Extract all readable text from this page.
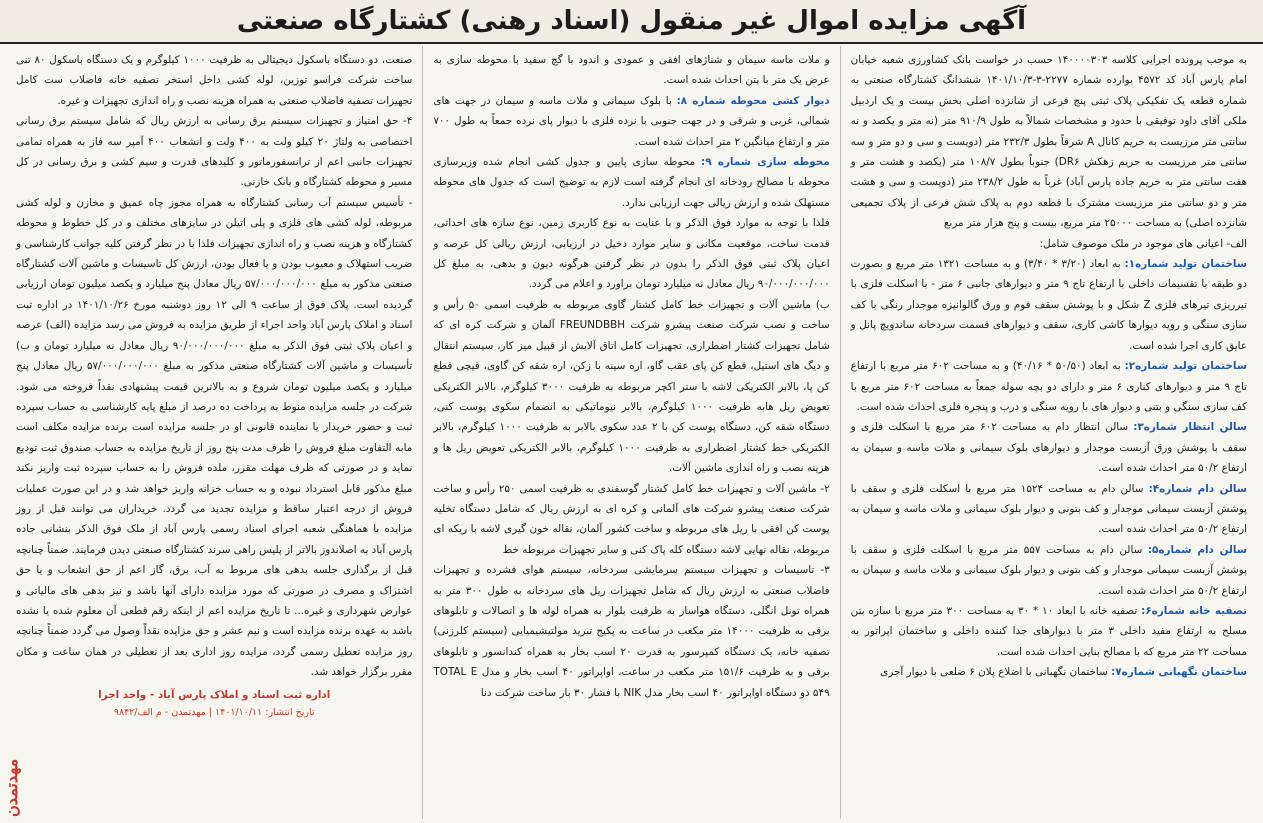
آگهی مزایده اموال غیر منقول (اسناد رهنی) کشتارگاه صنعتی

به موجب پرونده اجرایی کلاسه ۱۴۰۰۰۰۳۰۳ حسب در خواست بانک کشاورزی شعبه خیابان امام پارس آباد کد ۴۵۷۲ بوارده شماره ۲۲۷۷-۳-۱۴۰۱/۱۰/۳ ششدانگ کشتارگاه صنعتی به شماره قطعه یک تفکیکی پلاک ثبتی پنج فرعی از شانزده اصلی بخش بیست و یک اردبیل ملکی آقای داود توفیقی با حدود و مشخصات شمالاً به طول ۹۱۰/۹ متر (نه متر و یکصد و نه سانتی متر مرزیست به حریم کانال A شرقاً بطول ۲۳۲/۳ متر (دویست و سی و دو متر و سه سانتی متر مرزیست به حریم زهکش DR۶) جنوباً بطول ۱۰۸/۷ متر (یکصد و هشت متر و هفت سانتی متر به حریم جاده پارس آباد) غرباً به طول ۲۳۸/۲ متر (دویست و سی و هشت متر و دو سانتی متر مرزیست مشترک با قطعه دوم به پلاک شش فرعی از پلاک تجمیعی شانزده اصلی) به مساحت ۲۵۰۰۰ متر مربع، بیست و پنج هزار متر مربع

الف- اعیانی های موجود در ملک موصوف شامل:

ساختمان تولید شماره۱: به ابعاد (۳/۲۰ * ۳/۴۰) و به مساحت ۱۳۲۱ متر مربع و بصورت دو طبقه با تقسیمات داخلی با ارتفاع تاج ۹ متر و دیوارهای جانبی ۶ متر - با اسکلت فلزی با تیرریزی تیرهای فلزی Z شکل و با پوشش سقف فوم و ورق گالوانیزه موجدار رنگی با کف سازی سنگی و رویه دیوارها کاشی کاری، سقف و دیوارهای قسمت سردخانه ساندویچ پانل و عایق کاری اجرا شده است.

ساختمان تولید شماره۲: به ابعاد (۵۰/۵۰ * ۴۰/۱۶) و به مساحت ۶۰۲ متر مربع با ارتفاع تاج ۹ متر و دیوارهای کناری ۶ متر و دارای دو بچه سوله جمعاً به مساحت ۶۰۲ متر مربع با کف سازی سنگی و بتنی و دیوار های با رویه سنگی و درب و پنجره فلزی احداث شده است.

سالن انتظار شماره۳: سالن انتظار دام به مساحت ۶۰۲ متر مربع با اسکلت فلزی و سقف با پوشش ورق آزبست موجدار و دیوارهای بلوک سیمانی و ملات ماسه و سیمان به ارتفاع ۵۰/۲ متر احداث شده است.

سالن دام شماره۴: سالن دام به مساحت ۱۵۲۴ متر مربع با اسکلت فلزی و سقف با پوشش آزبست سیمانی موجدار و کف بتونی و دیوار بلوک سیمانی و ملات ماسه و سیمان به ارتفاع ۵۰/۲ متر احداث شده است.

سالن دام شماره۵: سالن دام به مساحت ۵۵۷ متر مربع با اسکلت فلزی و سقف با پوشش آزبست سیمانی موجدار و کف بتونی و دیوار بلوک سیمانی و ملات ماسه و سیمان به ارتفاع ۵۰/۲ متر احداث شده است.

تصفیه خانه شماره۶: تصفیه خانه با ابعاد ۱۰ * ۳۰ به مساحت ۳۰۰ متر مربع با سازه بتن مسلح به ارتفاع مفید داخلی ۳ متر با دیوارهای جدا کننده داخلی و ساختمان اپراتور به مساحت ۲۲ متر مربع که با مصالح بنایی احداث شده است.

ساختمان نگهبانی شماره۷: ساختمان نگهبانی با اضلاع پلان ۶ ضلعی با دیوار آجری

و ملات ماسه سیمان و شناژهای افقی و عمودی و اندود با گچ سفید با محوطه سازی به عرض یک متر با بتن احداث شده است.

دیوار کشی محوطه شماره ۸: با بلوک سیمانی و ملات ماسه و سیمان در جهت های شمالی، غربی و شرقی و در جهت جنوبی با نرده فلزی با دیوار پای نرده جمعاً به طول ۷۰۰ متر و ارتفاع میانگین ۲ متر احداث شده است.

محوطه سازی شماره ۹: محوطه سازی پایین و جدول کشی انجام شده وزیرسازی محوطه با مصالح رودخانه ای انجام گرفته است لازم به توضیح است که جدول های محوطه مستهلک شده و ارزش ریالی جهت ارزیابی ندارد.

فلذا با توجه به موارد فوق الذکر و با عنایت به نوع کاربری زمین، نوع سازه های احداثی، قدمت ساخت، موقعیت مکانی و سایر موارد دخیل در ارزیابی، ارزش ریالی کل عرصه و اعیان پلاک ثبتی فوق الذکر را بدون در نظر گرفتن هرگونه دیون و بدهی، به مبلغ کل ۹۰/۰۰۰/۰۰۰/۰۰۰ ریال معادل نه میلیارد تومان براورد و اعلام می گردد.

ب) ماشین آلات و تجهیزات خط کامل کشتار گاوی مربوطه به ظرفیت اسمی ۵۰ رأس و ساخت و نصب شرکت صنعت پیشرو شرکت FREUNDBBH آلمان و شرکت کره ای که شامل تجهیزات کشتار اضطراری، تجهیزات کامل اتاق آلایش از قبیل میز کار، سیستم انتقال و دیگ های استیل، قطع کن پای عقب گاو، اره سینه با زکن، اره شقه کن گاوی، قیچی قطع کن پا، بالابر الکتریکی لاشه با ستر اکچر مربوطه به ظرفیت ۳۰۰۰ کیلوگرم، بالابر الکتریکی تعویض ریل هابه ظرفیت ۱۰۰۰ کیلوگرم، بالابر نیوماتیکی به انضمام سکوی پوست کنی، دستگاه شقه کن، دستگاه پوست کن با ۲ عدد سکوی بالابر به ظرفیت ۱۰۰۰ کیلوگرم، بالابر الکتریکی خط کشتار اضطراری به ظرفیت ۱۰۰۰ کیلوگرم، بالابر الکتریکی تعویض ریل ها و هزینه نصب و راه اندازی ماشین آلات.

۲- ماشین آلات و تجهیزات خط کامل کشتار گوسفندی به ظرفیت اسمی ۲۵۰ رأس و ساخت شرکت صنعت پیشرو شرکت های آلمانی و کره ای به ارزش ریال که شامل دستگاه تخلیه پوست کن افقی با ریل های مربوطه و ساخت کشور آلمان، نقاله خون گیری لاشه با ریکه ای مربوطه، نقاله نهایی لاشه دستگاه کله پاک کنی و سایر تجهیزات مربوطه خط

۳- تاسیسات و تجهیزات سیستم سرمایشی سردخانه، سیستم هوای فشرده و تجهیزات فاضلاب صنعتی به ارزش ریال که شامل تجهیزات ریل های سردخانه به طول ۳۰۰ متر به همراه تونل انگلی، دستگاه هواساز به ظرفیت بلوار به همراه لوله ها و اتصالات و تابلوهای برقی به ظرفیت ۱۴۰۰۰ متر مکعب در ساعت به پکیج تبرید مولتیشیمیایی (سیستم کلرزنی) تصفیه خانه، یک دستگاه کمپرسور به قدرت ۲۰ اسب بخار به همراه کندانسور و تابلوهای برقی و به ظرفیت ۱۵۱/۶ متر مکعب در ساعت، اواپراتور ۴۰ اسب بخار و مدل TOTAL E ۵۴۹ دو دستگاه اواپراتور ۴۰ اسب بخار مدل NIK با فشار ۳۰ بار ساخت شرکت دنا

صنعت، دو دستگاه باسکول دیجیتالی به ظرفیت ۱۰۰۰ کیلوگرم و یک دستگاه باسکول ۸۰ تنی ساخت شرکت فراسو توزین، لوله کشی داخل استخر تصفیه خانه فاضلاب ست کامل تجهیزات تصفیه فاضلاب صنعتی به همراه هزینه نصب و راه اندازی تجهیزات و غیره.

۴- حق امتیاز و تجهیزات سیستم برق رسانی به ارزش ریال که شامل سیستم برق رسانی اختصاصی به ولتاژ ۲۰ کیلو ولت به ۴۰۰ ولت و انشعاب ۴۰۰ آمپر سه فاز به همراه تمامی تجهیزات جانبی اعم از ترانسفورماتور و کلیدهای قدرت و سیم کشی و برق رسانی در کل مسیر و محوطه کشتارگاه و بانک خازنی.

- تأسیس سیستم آب رسانی کشتارگاه به همراه مجوز چاه عمیق و مخازن و لوله کشی مربوطه، لوله کشی های فلزی و پلی اتیلن در سایزهای مختلف و در کل خطوط و محوطه کشتارگاه و هزینه نصب و راه اندازی تجهیزات فلذا با در نظر گرفتن کلیه جوانب کارشناسی و ضریب استهلاک و معیوب بودن و یا فعال بودن، ارزش کل تاسیسات و ماشین آلات کشتارگاه صنعتی مذکور به مبلغ ۵۷/۰۰۰/۰۰۰/۰۰۰ ریال معادل پنج میلیارد و یکصد میلیون تومان ارزیابی گردیده است. پلاک فوق از ساعت ۹ الی ۱۲ روز دوشنبه مورخ ۱۴۰۱/۱۰/۲۶ در اداره ثبت اسناد و املاک پارس آباد واحد اجراء از طریق مزایده به فروش می رسد مزایده (الف) عرصه و اعیان پلاک ثبتی فوق الذکر به مبلغ ۹۰/۰۰۰/۰۰۰/۰۰۰ ریال معادل نه میلیارد تومان و ب) تأسیسات و ماشین آلات کشتارگاه صنعتی مذکور به مبلغ ۵۷/۰۰۰/۰۰۰/۰۰۰ ریال معادل پنج میلیارد و یکصد میلیون تومان شروع و به بالاترین قیمت پیشنهادی نقداً فروخته می شود. شرکت در جلسه مزایده منوط به پرداخت ده درصد از مبلغ پایه کارشناسی به حساب سپرده ثبت و حضور خریدار یا نماینده قانونی او در جلسه مزایده است برنده مزایده مکلف است مابه التفاوت مبلغ فروش را ظرف مدت پنج روز از تاریخ مزایده به حساب صندوق ثبت تودیع نماید و در صورتی که ظرف مهلت مقرر، ملده فروش را به حساب سپرده ثبت واریز نکند مبلغ مذکور قابل استرداد نبوده و به حساب خزانه واریز خواهد شد و در این صورت عملیات فروش از درجه اعتبار ساقط و مزایده تجدید می گردد. خریداران می توانند قبل از روز مزایده با هماهنگی شعبه اجرای اسناد رسمی پارس آباد از ملک فوق الذکر بنشانی جاده پارس آباد به اصلاندوز بالاتر از پلیس راهی سرند کشتارگاه صنعتی دیدن فرمایند. ضمناً چنانچه قبل از برگذاری جلسه بدهی های مربوط به آب، برق، گاز اعم از حق انشعاب و یا حق اشتراک و مصرف در صورتی که مورد مزایده دارای آنها باشد و نیز بدهی های مالیاتی و عوارض شهرداری و غیره... تا تاریخ مزایده اعم از اینکه رقم قطعی آن معلوم شده یا نشده باشد به عهده برنده مزایده است و نیم عشر و حق مزایده نقداً وصول می گردد ضمناً چنانچه روز مزایده تعطیل رسمی گردد، مزایده روز اداری بعد از تعطیلی در همان ساعت و مکان مقرر برگزار خواهد شد.

اداره ثبت اسناد و املاک پارس آباد - واحد اجرا
تاریخ انتشار: ۱۴۰۱/۱۰/۱۱ | مهدتمدن - م الف/۹۸۴۲
مهدتمدن
